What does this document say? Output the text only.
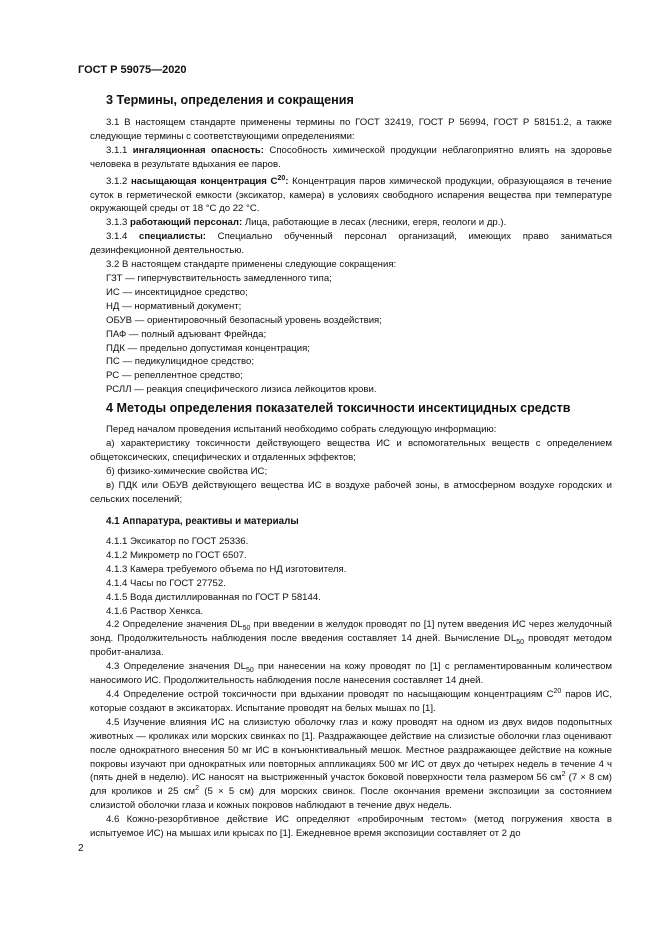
ГОСТ Р 59075—2020
3 Термины, определения и сокращения

3.1 В настоящем стандарте применены термины по ГОСТ 32419, ГОСТ Р 56994, ГОСТ Р 58151.2, а также следующие термины с соответствующими определениями:

3.1.1 ингаляционная опасность: Способность химической продукции неблагоприятно влиять на здоровье человека в результате вдыхания ее паров.

3.1.2 насыщающая концентрация $C^{20}$: Концентрация паров химической продукции, образующаяся в течение суток в герметической емкости (эксикатор, камера) в условиях свободного испарения вещества при температуре окружающей среды от 18 °С до 22 °С.

3.1.3 работающий персонал: Лица, работающие в лесах (лесники, егеря, геологи и др.).

3.1.4 специалисты: Специально обученный персонал организаций, имеющих право заниматься дезинфекционной деятельностью.

3.2 В настоящем стандарте применены следующие сокращения:

ГЗТ — гиперчувствительность замедленного типа;

ИС — инсектицидное средство;

НД — нормативный документ;

ОБУВ — ориентировочный безопасный уровень воздействия;

ПАФ — полный адъювант Фрейнда;

ПДК — предельно допустимая концентрация;

ПС — педикулицидное средство;

РС — репеллентное средство;

РСЛЛ — реакция специфического лизиса лейкоцитов крови.

4 Методы определения показателей токсичности инсектицидных средств

Перед началом проведения испытаний необходимо собрать следующую информацию:

а) характеристику токсичности действующего вещества ИС и вспомогательных веществ с определением общетоксических, специфических и отдаленных эффектов;

б) физико-химические свойства ИС;

в) ПДК или ОБУВ действующего вещества ИС в воздухе рабочей зоны, в атмосферном воздухе городских и сельских поселений;

4.1 Аппаратура, реактивы и материалы

4.1.1 Эксикатор по ГОСТ 25336.

4.1.2 Микрометр по ГОСТ 6507.

4.1.3 Камера требуемого объема по НД изготовителя.

4.1.4 Часы по ГОСТ 27752.

4.1.5 Вода дистиллированная по ГОСТ Р 58144.

4.1.6 Раствор Хенкса.

4.2 Определение значения $DL_{50}$ при введении в желудок проводят по [1] путем введения ИС через желудочный зонд. Продолжительность наблюдения после введения составляет 14 дней. Вычисление $DL_{50}$ проводят методом пробит-анализа.

4.3 Определение значения $DL_{50}$ при нанесении на кожу проводят по [1] с регламентированным количеством наносимого ИС. Продолжительность наблюдения после нанесения составляет 14 дней.

4.4 Определение острой токсичности при вдыхании проводят по насыщающим концентрациям $C^{20}$ паров ИС, которые создают в эксикаторах. Испытание проводят на белых мышах по [1].

4.5 Изучение влияния ИС на слизистую оболочку глаз и кожу проводят на одном из двух видов подопытных животных — кроликах или морских свинках по [1]. Раздражающее действие на слизистые оболочки глаз оценивают после однократного внесения 50 мг ИС в конъюнктивальный мешок. Местное раздражающее действие на кожные покровы изучают при однократных или повторных аппликациях 500 мг ИС от двух до четырех недель в течение 4 ч (пять дней в неделю). ИС наносят на выстриженный участок боковой поверхности тела размером 56 $см^2$ (7 × 8 см) для кроликов и 25 $см^2$ (5 × 5 см) для морских свинок. После окончания времени экспозиции за состоянием слизистой оболочки глаза и кожных покровов наблюдают в течение двух недель.

4.6 Кожно-резорбтивное действие ИС определяют «пробирочным тестом» (метод погружения хвоста в испытуемое ИС) на мышах или крысах по [1]. Ежедневное время экспозиции составляет от 2 до

2
